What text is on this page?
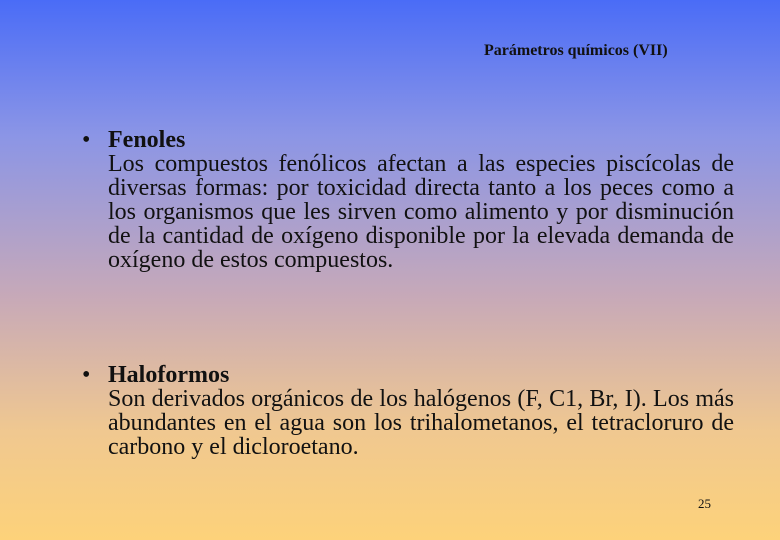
Parámetros químicos (VII)
• Fenoles
Los compuestos fenólicos afectan a las especies piscícolas de diversas formas: por toxicidad directa tanto a los peces como a los organismos que les sirven como alimento y por disminución de la cantidad de oxígeno disponible por la elevada demanda de oxígeno de estos compuestos.
• Haloformos
Son derivados orgánicos de los halógenos (F, C1, Br, I). Los más abundantes en el agua son los trihalometanos, el tetracloruro de carbono y el dicloroetano.
25
